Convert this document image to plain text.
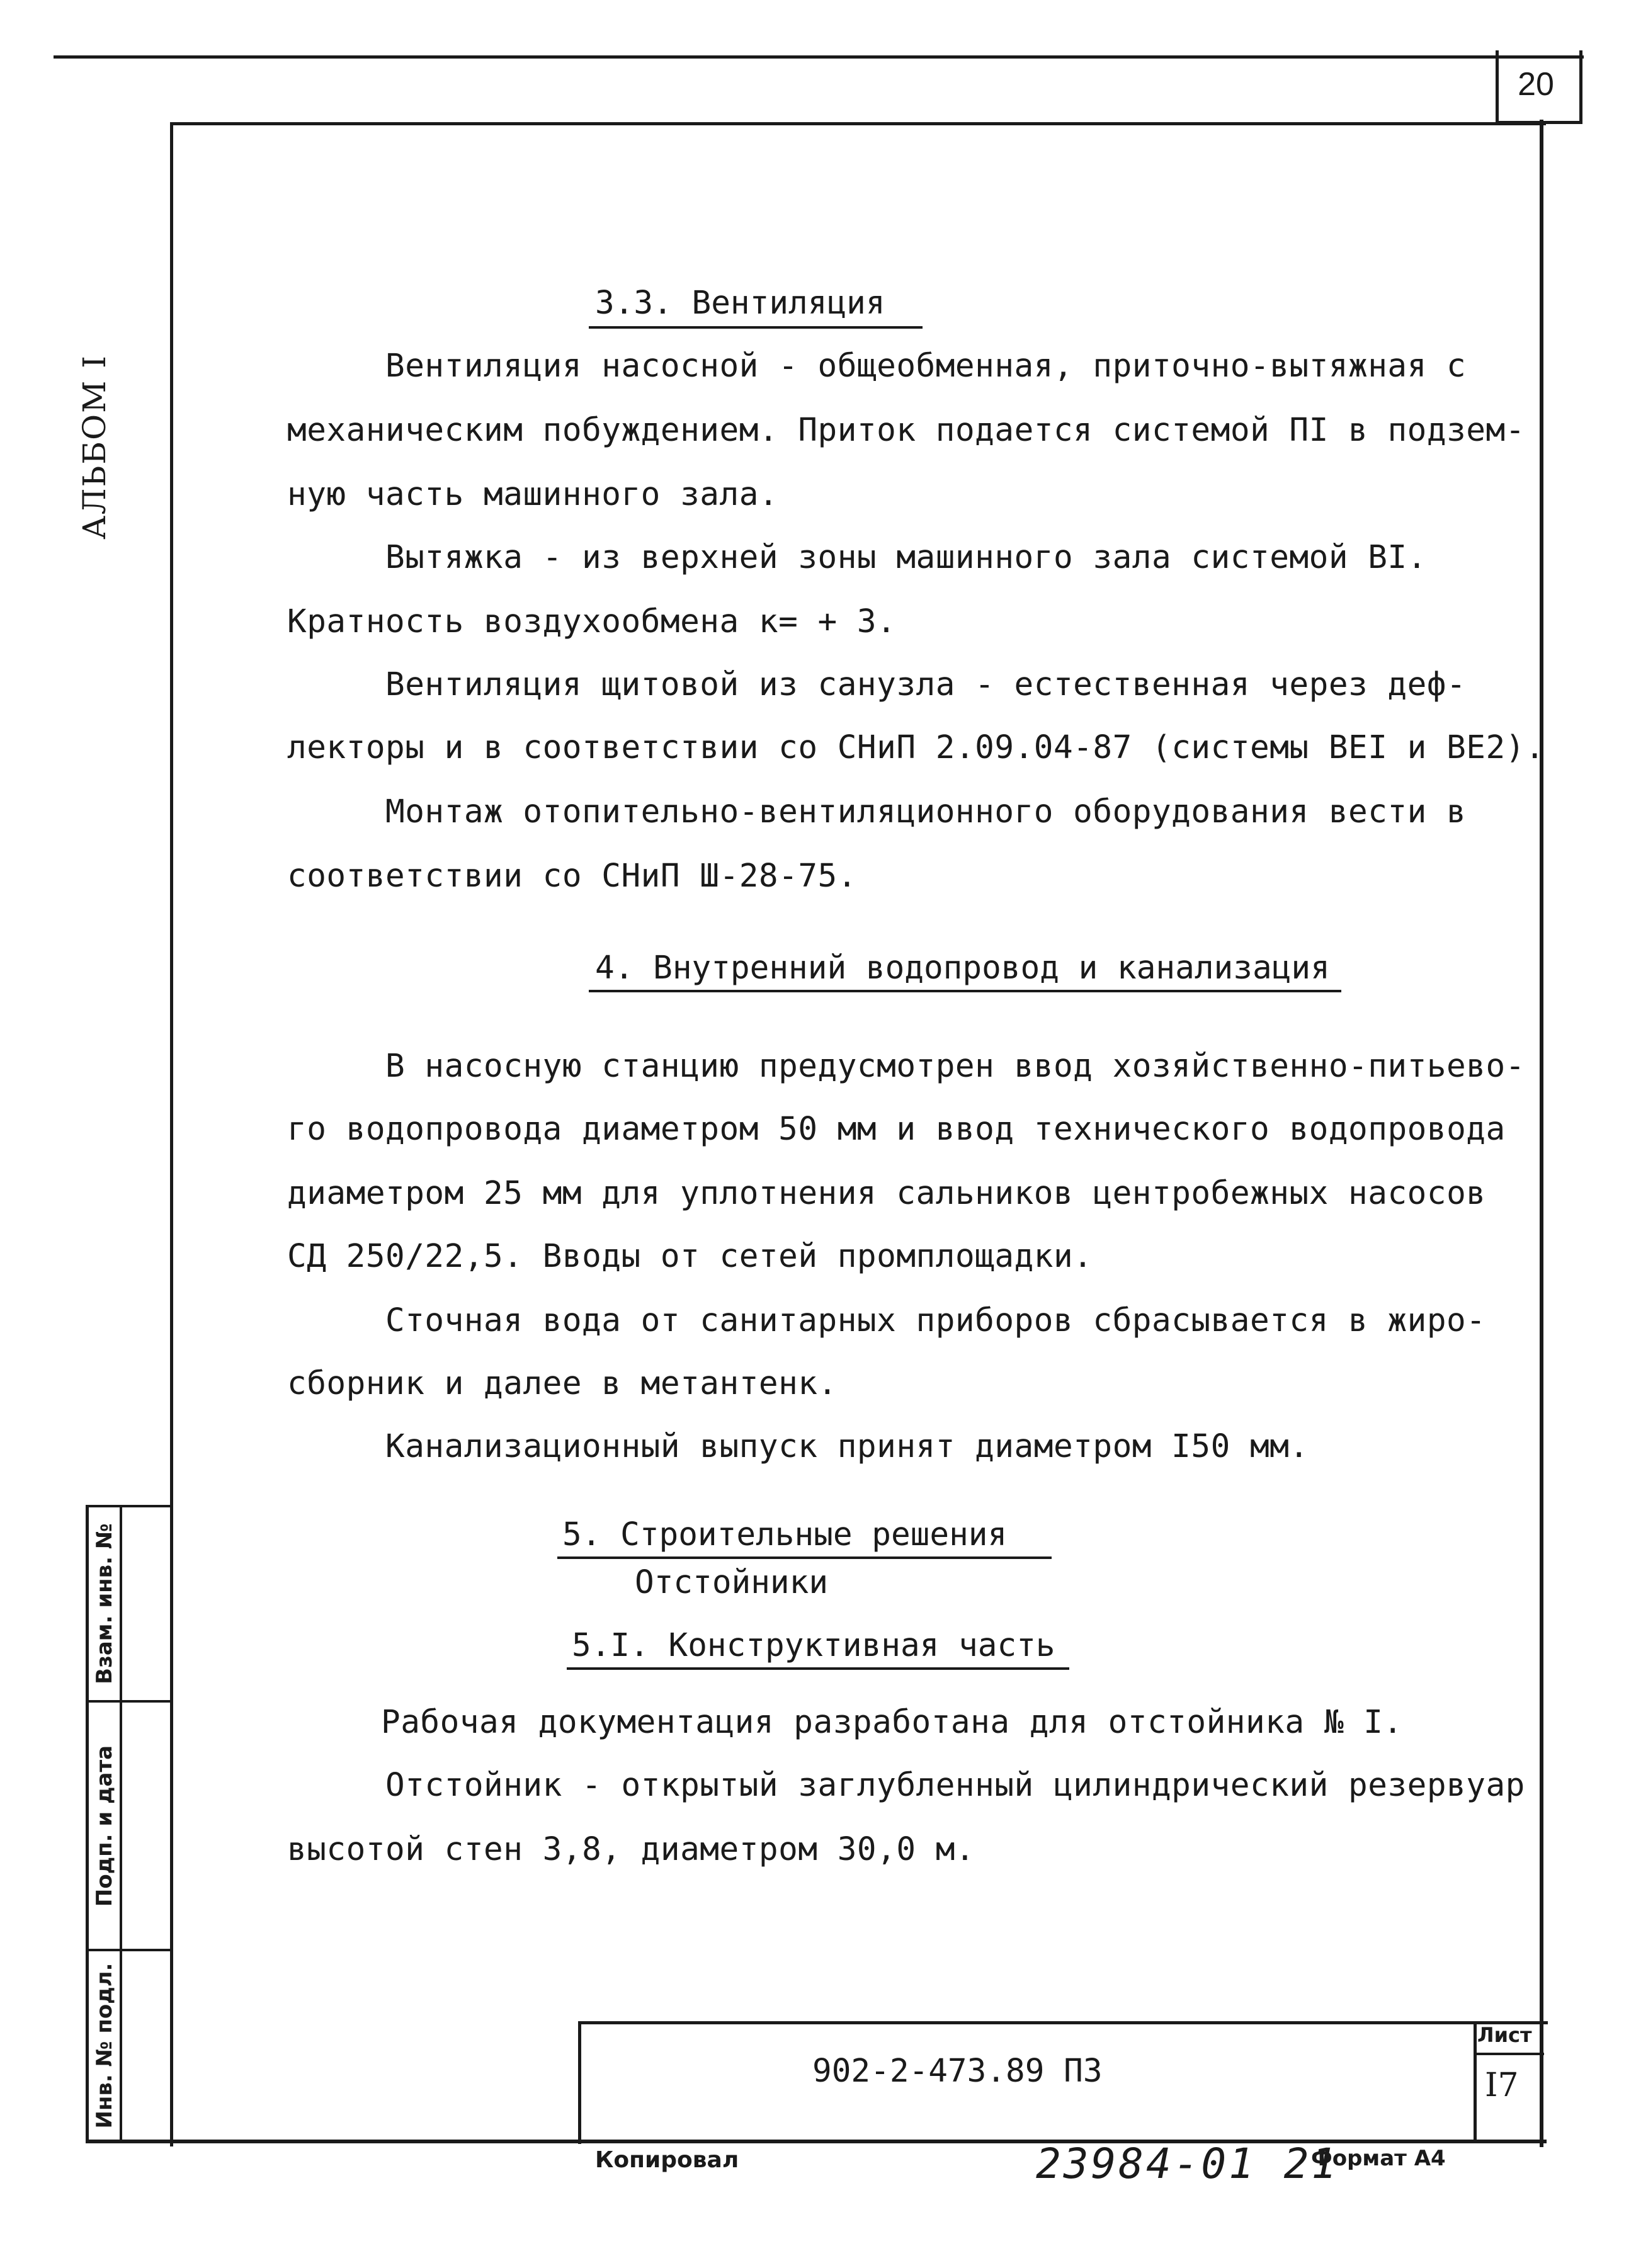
20
АЛЬБОМ I
Взам. инв. №
Подп. и дата
Инв. № подл.
3.3. Вентиляция
Вентиляция насосной - общеобменная, приточно-вытяжная с
механическим побуждением. Приток подается системой ПI в подзем-
ную часть машинного зала.
Вытяжка - из верхней зоны машинного зала системой BI.
Кратность воздухообмена к= + 3.
Вентиляция щитовой из санузла - естественная через деф-
лекторы и в соответствии со СНиП 2.09.04-87 (системы BEI и BE2).
Монтаж отопительно-вентиляционного оборудования вести в
соответствии со СНиП Ш-28-75.
4. Внутренний водопровод и канализация
В насосную станцию предусмотрен ввод хозяйственно-питьево-
го водопровода диаметром 50 мм и ввод технического водопровода
диаметром 25 мм для уплотнения сальников центробежных насосов
СД 250/22,5. Вводы от сетей промплощадки.
Сточная вода от санитарных приборов сбрасывается в жиро-
сборник и далее в метантенк.
Канализационный выпуск принят диаметром I50 мм.
5. Строительные решения
Отстойники
5.I. Конструктивная часть
Рабочая документация разработана для отстойника № I.
Отстойник - открытый заглубленный цилиндрический резервуар
высотой стен 3,8, диаметром 30,0 м.
902-2-473.89 ПЗ
Лист
I7
Копировал	23984-01 21
Формат А4
